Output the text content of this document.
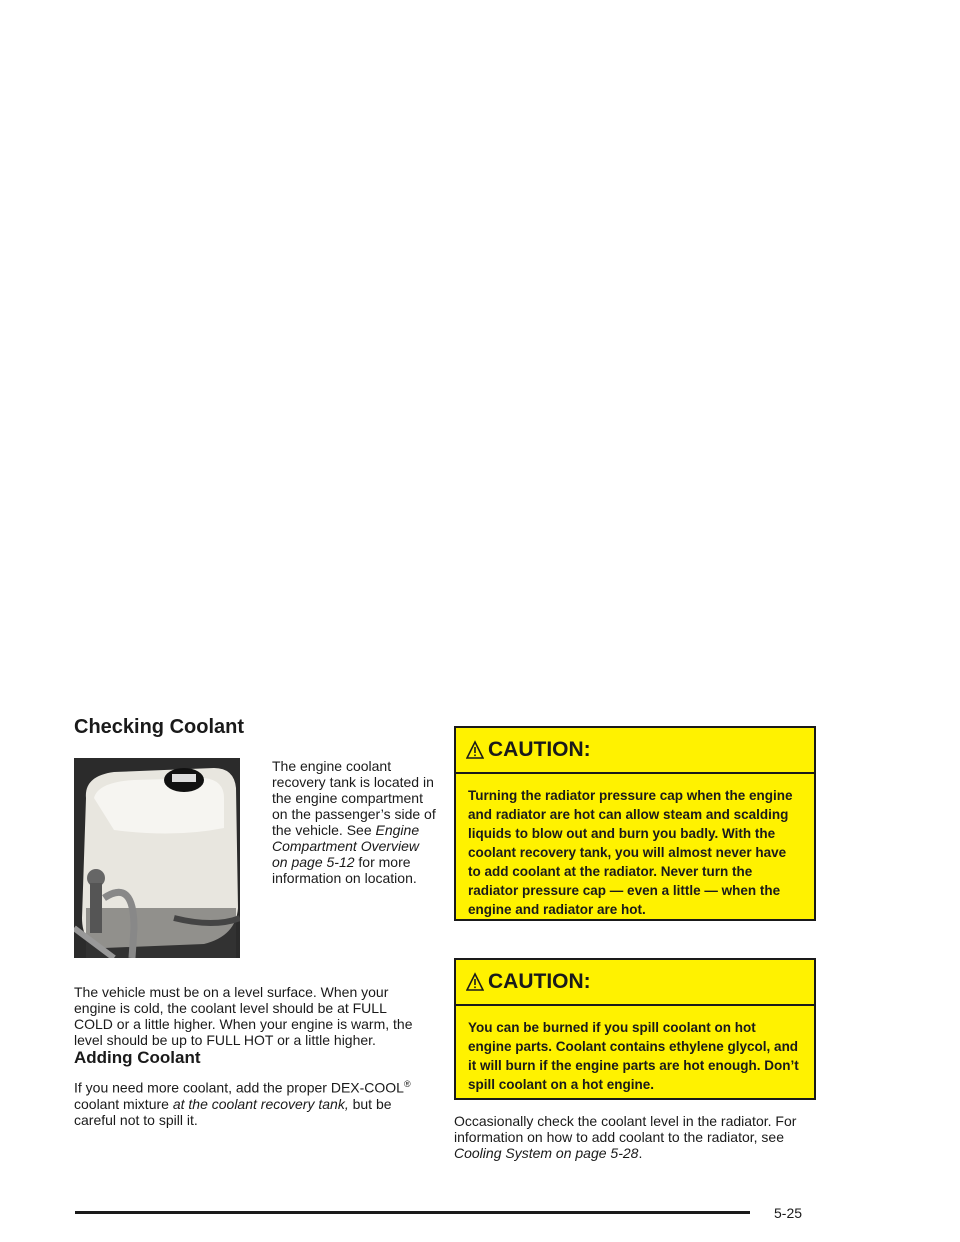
Checking Coolant
The engine coolant recovery tank is located in the engine compartment on the passenger’s side of the vehicle. See Engine Compartment Overview on page 5-12 for more information on location.
The vehicle must be on a level surface. When your engine is cold, the coolant level should be at FULL COLD or a little higher. When your engine is warm, the level should be up to FULL HOT or a little higher.
Adding Coolant
If you need more coolant, add the proper DEX-COOL® coolant mixture at the coolant recovery tank, but be careful not to spill it.
CAUTION:
Turning the radiator pressure cap when the engine and radiator are hot can allow steam and scalding liquids to blow out and burn you badly. With the coolant recovery tank, you will almost never have to add coolant at the radiator. Never turn the radiator pressure cap — even a little — when the engine and radiator are hot.
CAUTION:
You can be burned if you spill coolant on hot engine parts. Coolant contains ethylene glycol, and it will burn if the engine parts are hot enough. Don’t spill coolant on a hot engine.
Occasionally check the coolant level in the radiator. For information on how to add coolant to the radiator, see Cooling System on page 5-28.
5-25
